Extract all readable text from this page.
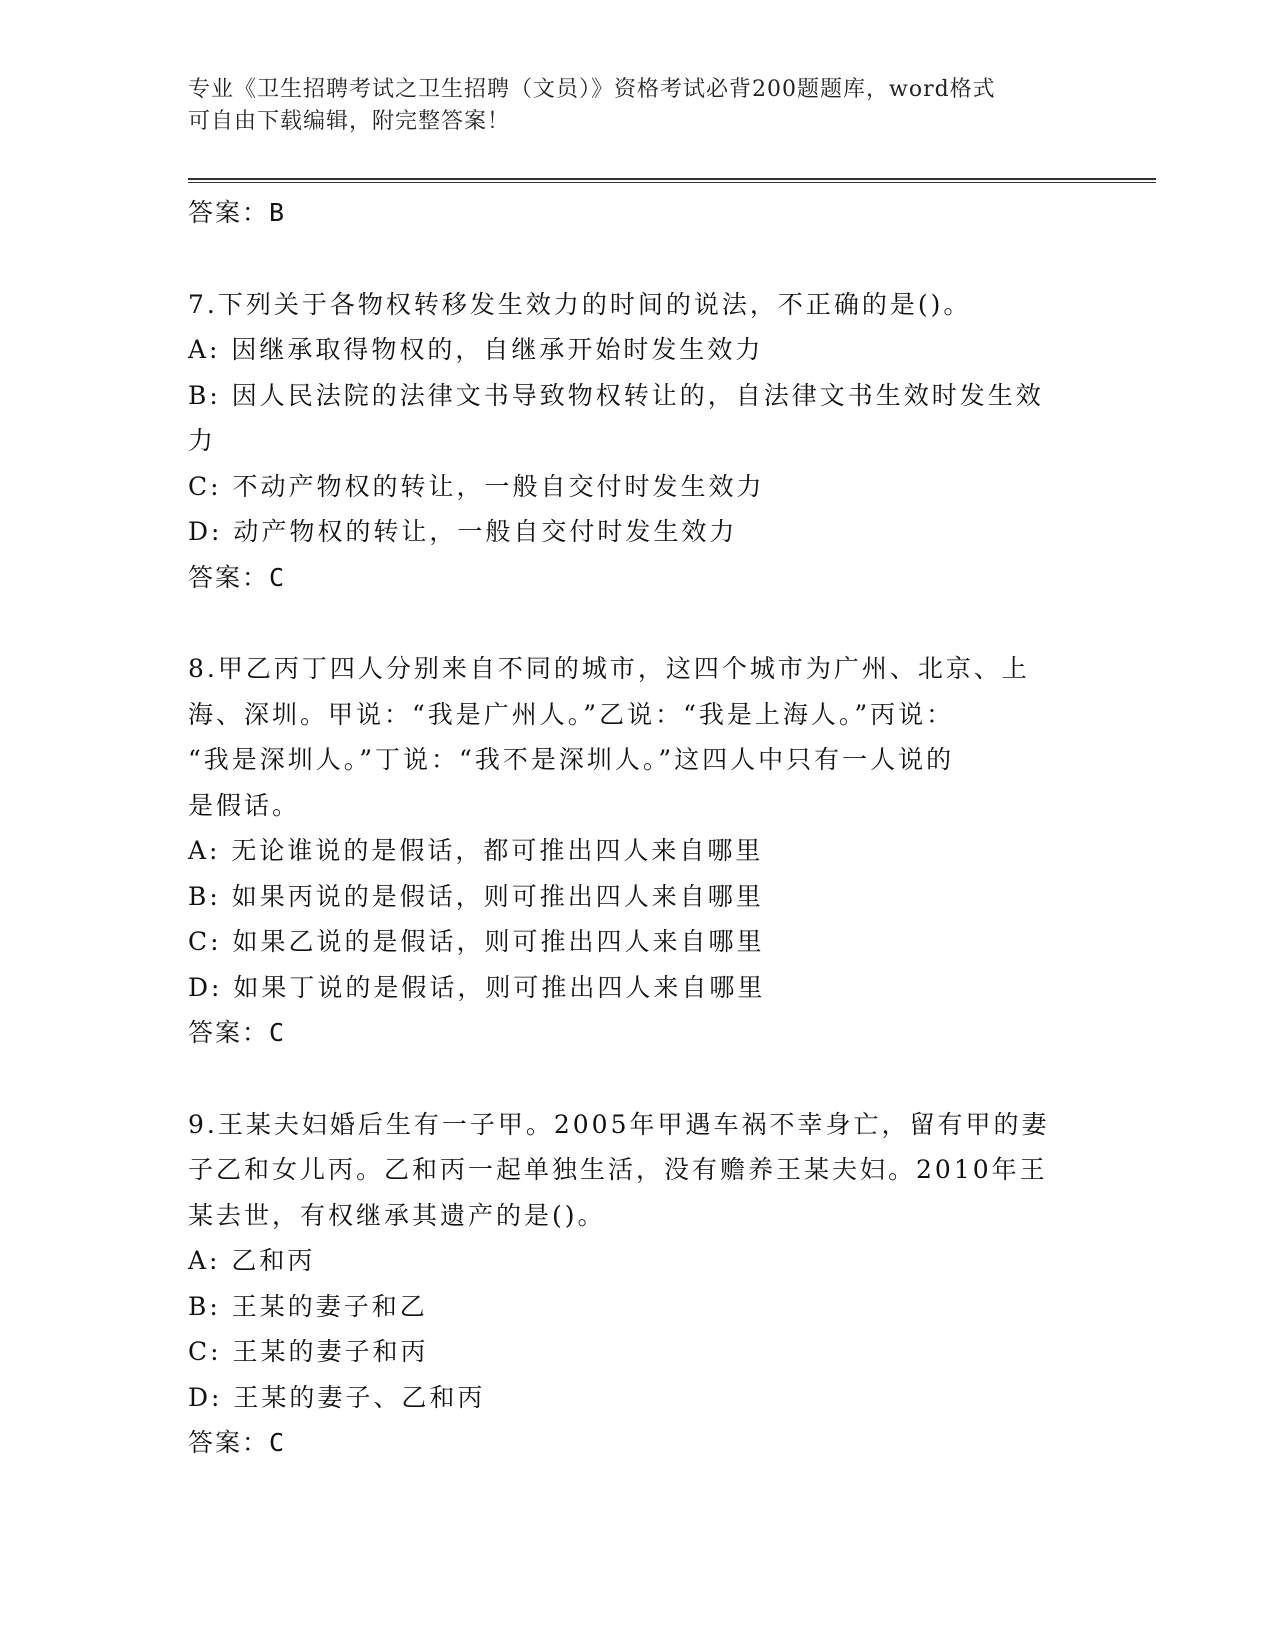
专业《卫生招聘考试之卫生招聘（文员）》资格考试必背200题题库，word格式
可自由下载编辑，附完整答案！
答案：B
7.下列关于各物权转移发生效力的时间的说法，不正确的是()。
A: 因继承取得物权的，自继承开始时发生效力
B: 因人民法院的法律文书导致物权转让的，自法律文书生效时发生效
力
C: 不动产物权的转让，一般自交付时发生效力
D: 动产物权的转让，一般自交付时发生效力
答案：C
8.甲乙丙丁四人分别来自不同的城市，这四个城市为广州、北京、上
海、深圳。甲说：“我是广州人。”乙说：“我是上海人。”丙说：
“我是深圳人。”丁说：“我不是深圳人。”这四人中只有一人说的
是假话。
A: 无论谁说的是假话，都可推出四人来自哪里
B: 如果丙说的是假话，则可推出四人来自哪里
C: 如果乙说的是假话，则可推出四人来自哪里
D: 如果丁说的是假话，则可推出四人来自哪里
答案：C
9.王某夫妇婚后生有一子甲。2005年甲遇车祸不幸身亡，留有甲的妻
子乙和女儿丙。乙和丙一起单独生活，没有赡养王某夫妇。2010年王
某去世，有权继承其遗产的是()。
A: 乙和丙
B: 王某的妻子和乙
C: 王某的妻子和丙
D: 王某的妻子、乙和丙
答案：C
